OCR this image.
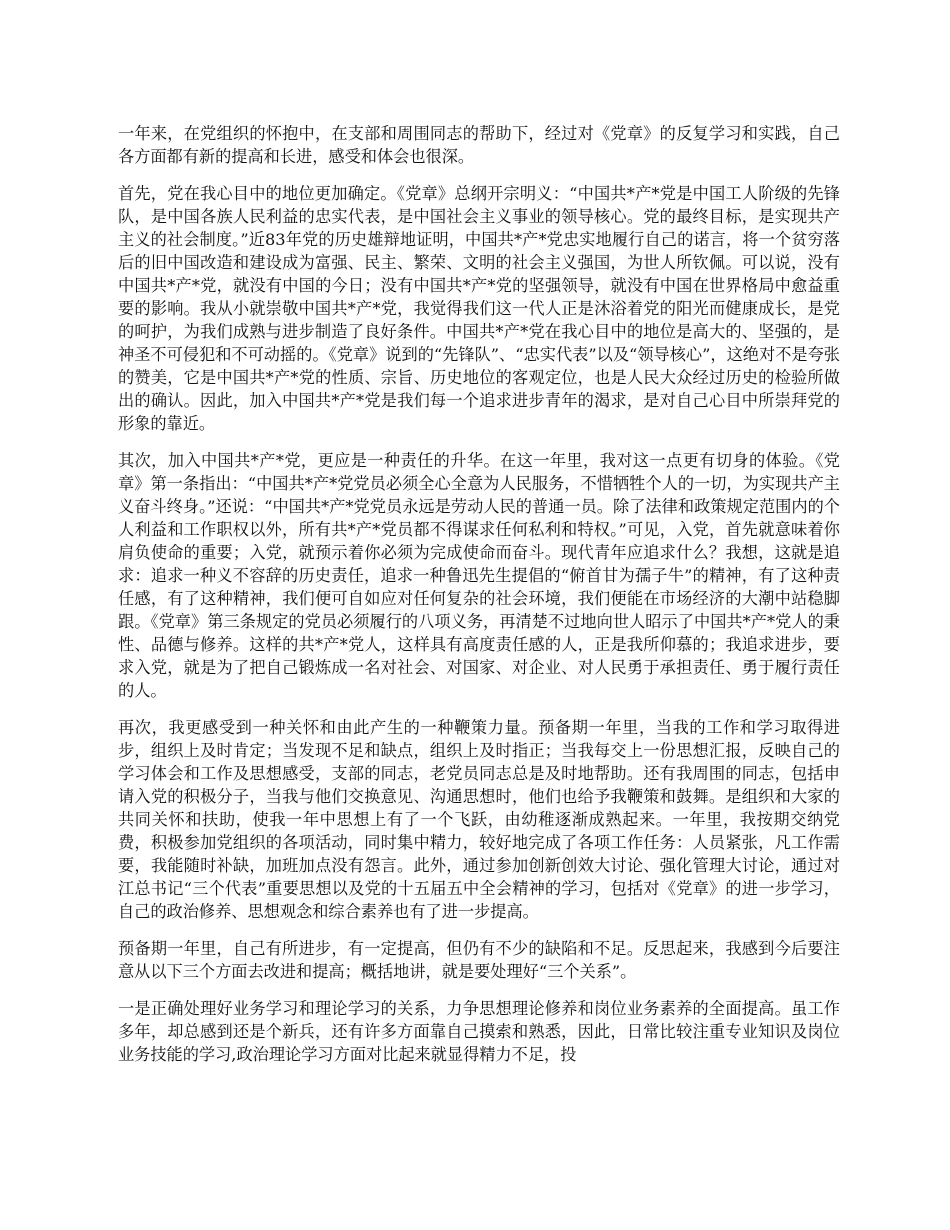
一年来，在党组织的怀抱中，在支部和周围同志的帮助下，经过对《党章》的反复学习和实践，自己各方面都有新的提高和长进，感受和体会也很深。

首先，党在我心目中的地位更加确定。《党章》总纲开宗明义：“中国共*产*党是中国工人阶级的先锋队，是中国各族人民利益的忠实代表，是中国社会主义事业的领导核心。党的最终目标，是实现共产主义的社会制度。”近83年党的历史雄辩地证明，中国共*产*党忠实地履行自己的诺言，将一个贫穷落后的旧中国改造和建设成为富强、民主、繁荣、文明的社会主义强国，为世人所钦佩。可以说，没有中国共*产*党，就没有中国的今日；没有中国共*产*党的坚强领导，就没有中国在世界格局中愈益重要的影响。我从小就崇敬中国共*产*党，我觉得我们这一代人正是沐浴着党的阳光而健康成长，是党的呵护，为我们成熟与进步制造了良好条件。中国共*产*党在我心目中的地位是高大的、坚强的，是神圣不可侵犯和不可动摇的。《党章》说到的“先锋队”、“忠实代表”以及“领导核心”，这绝对不是夸张的赞美，它是中国共*产*党的性质、宗旨、历史地位的客观定位，也是人民大众经过历史的检验所做出的确认。因此，加入中国共*产*党是我们每一个追求进步青年的渴求，是对自己心目中所崇拜党的形象的靠近。

其次，加入中国共*产*党，更应是一种责任的升华。在这一年里，我对这一点更有切身的体验。《党章》第一条指出：“中国共*产*党党员必须全心全意为人民服务，不惜牺牲个人的一切，为实现共产主义奋斗终身。”还说：“中国共*产*党党员永远是劳动人民的普通一员。除了法律和政策规定范围内的个人利益和工作职权以外，所有共*产*党员都不得谋求任何私利和特权。”可见，入党，首先就意味着你肩负使命的重要；入党，就预示着你必须为完成使命而奋斗。现代青年应追求什么？我想，这就是追求：追求一种义不容辞的历史责任，追求一种鲁迅先生提倡的“俯首甘为孺子牛”的精神，有了这种责任感，有了这种精神，我们便可自如应对任何复杂的社会环境，我们便能在市场经济的大潮中站稳脚跟。《党章》第三条规定的党员必须履行的八项义务，再清楚不过地向世人昭示了中国共*产*党人的秉性、品德与修养。这样的共*产*党人，这样具有高度责任感的人，正是我所仰慕的；我追求进步，要求入党，就是为了把自己锻炼成一名对社会、对国家、对企业、对人民勇于承担责任、勇于履行责任的人。

再次，我更感受到一种关怀和由此产生的一种鞭策力量。预备期一年里，当我的工作和学习取得进步，组织上及时肯定；当发现不足和缺点，组织上及时指正；当我每交上一份思想汇报，反映自己的学习体会和工作及思想感受，支部的同志，老党员同志总是及时地帮助。还有我周围的同志，包括申请入党的积极分子，当我与他们交换意见、沟通思想时，他们也给予我鞭策和鼓舞。是组织和大家的共同关怀和扶助，使我一年中思想上有了一个飞跃，由幼稚逐渐成熟起来。一年里，我按期交纳党费，积极参加党组织的各项活动，同时集中精力，较好地完成了各项工作任务：人员紧张，凡工作需要，我能随时补缺，加班加点没有怨言。此外，通过参加创新创效大讨论、强化管理大讨论，通过对江总书记“三个代表”重要思想以及党的十五届五中全会精神的学习，包括对《党章》的进一步学习，自己的政治修养、思想观念和综合素养也有了进一步提高。

预备期一年里，自己有所进步，有一定提高，但仍有不少的缺陷和不足。反思起来，我感到今后要注意从以下三个方面去改进和提高；概括地讲，就是要处理好“三个关系”。

一是正确处理好业务学习和理论学习的关系，力争思想理论修养和岗位业务素养的全面提高。虽工作多年，却总感到还是个新兵，还有许多方面靠自己摸索和熟悉，因此，日常比较注重专业知识及岗位业务技能的学习,政治理论学习方面对比起来就显得精力不足，投
